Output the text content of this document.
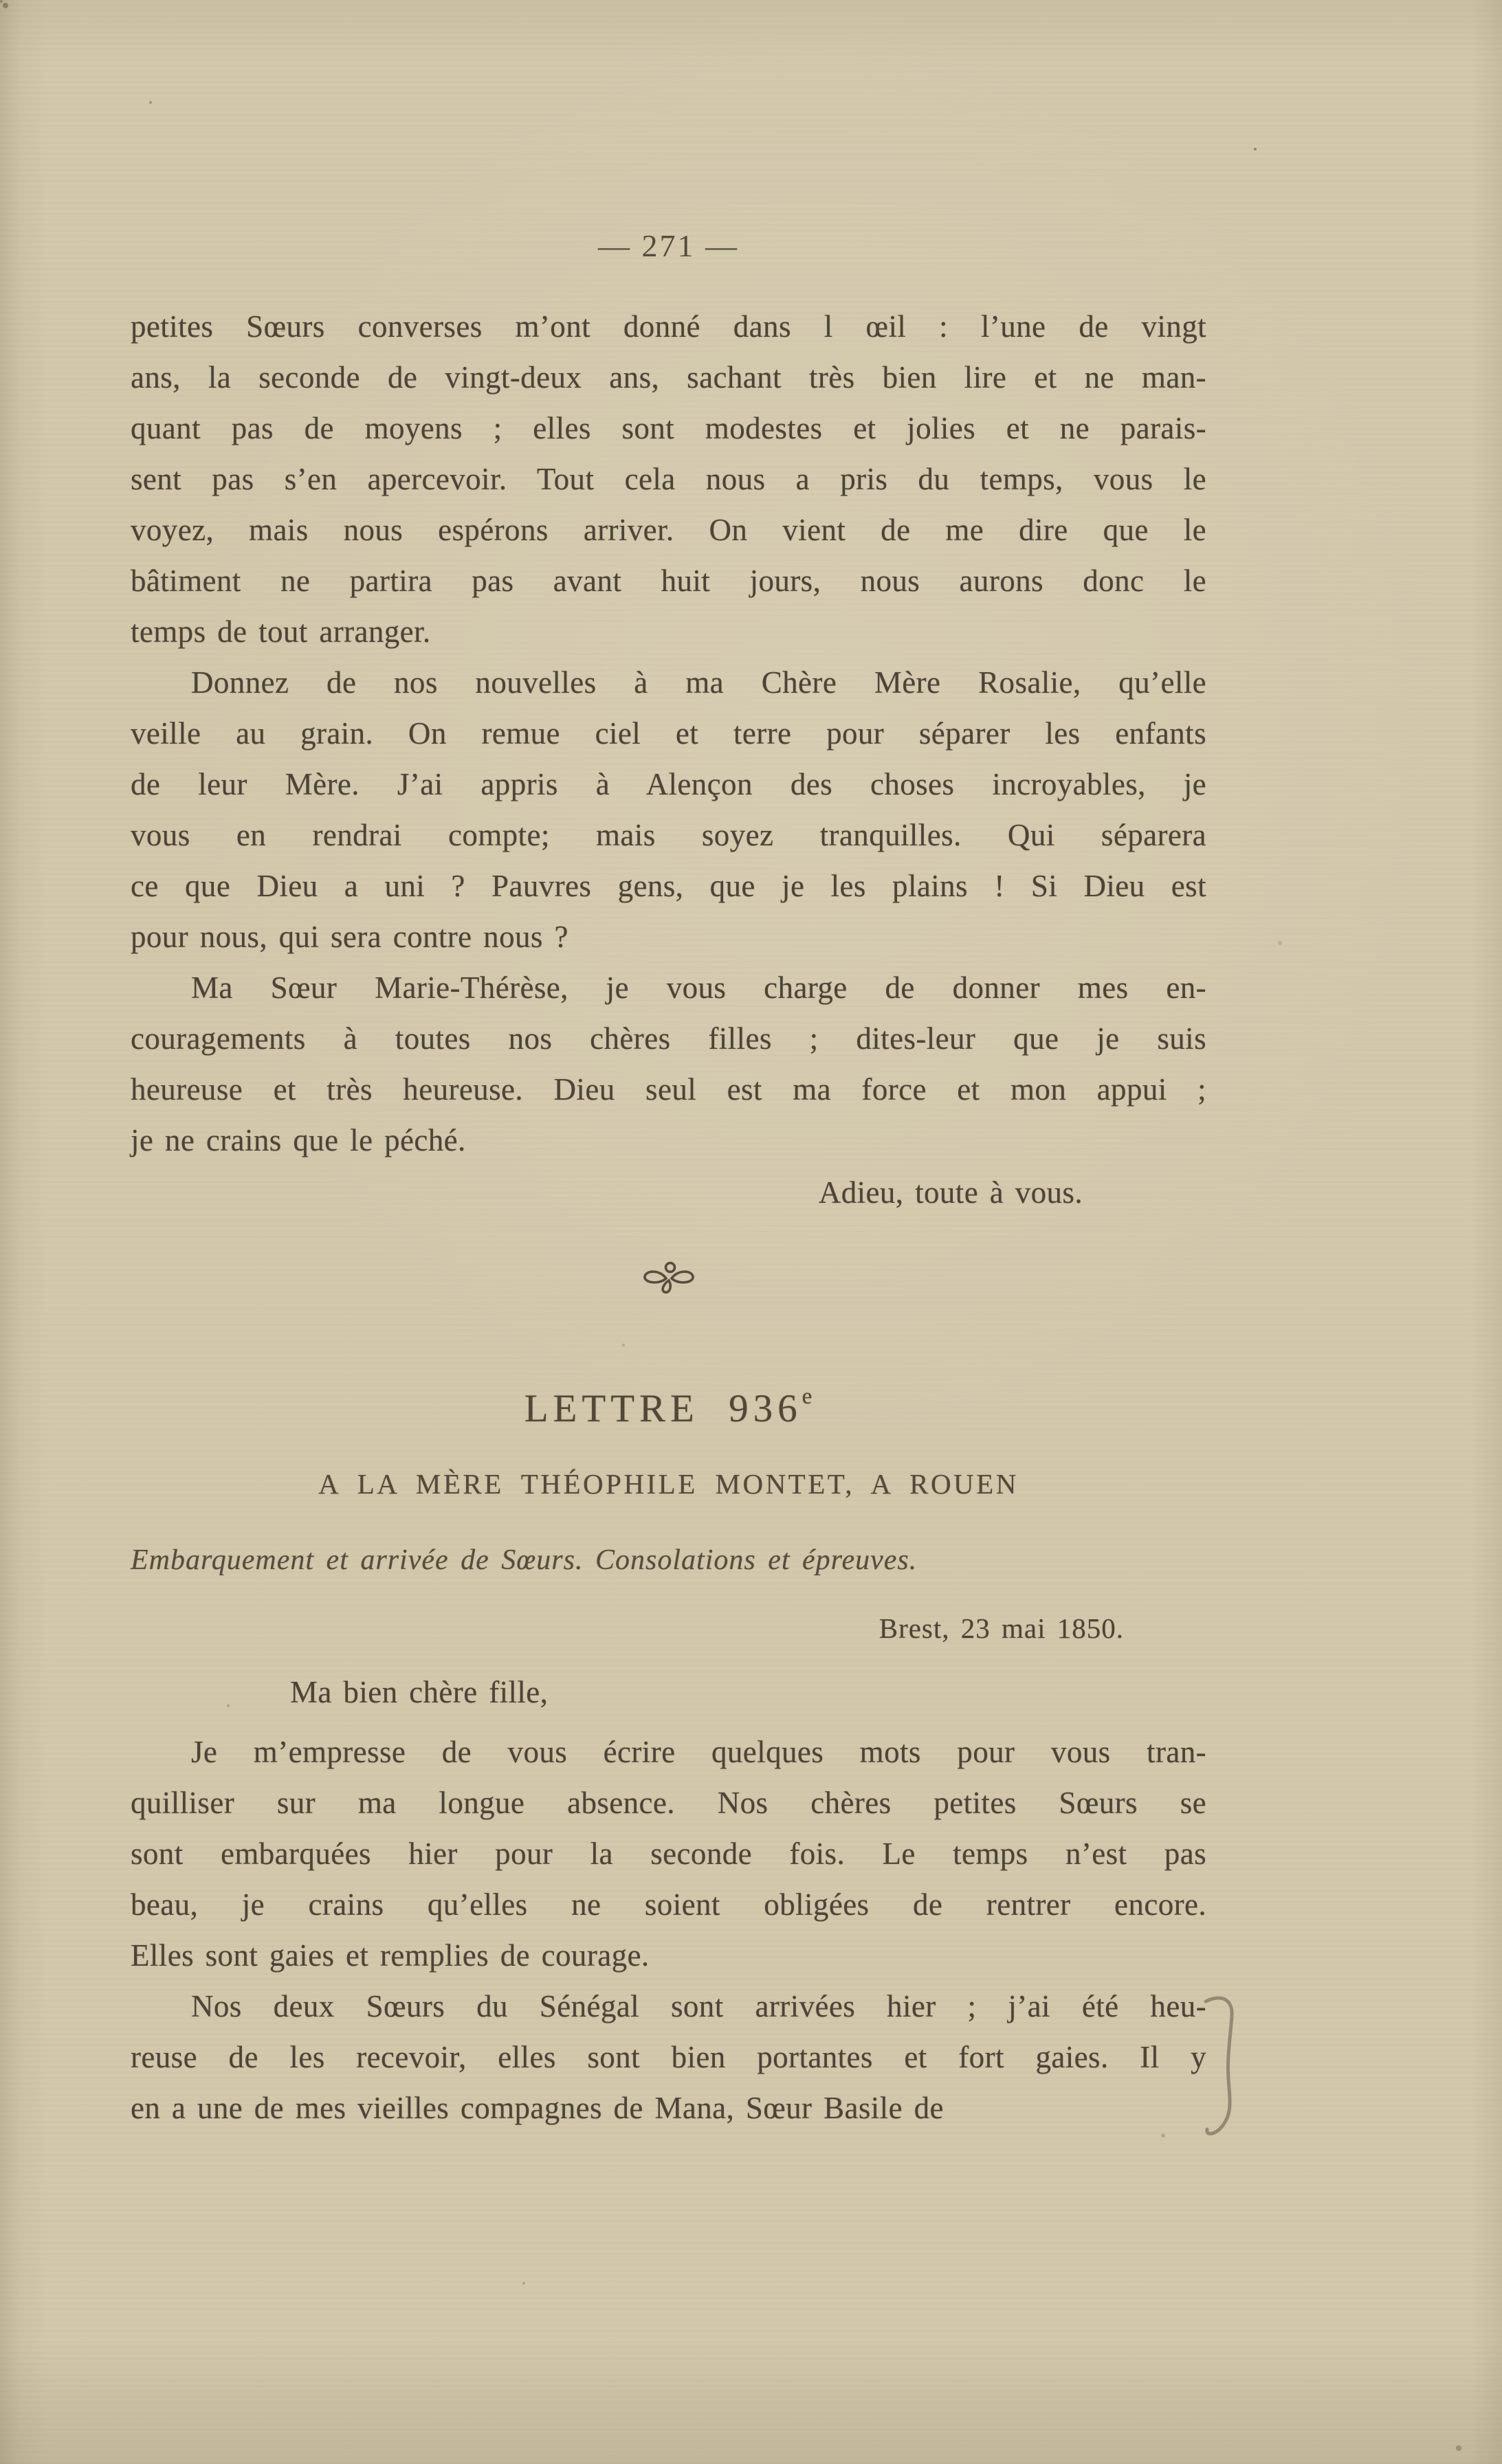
— 271 —
petites Sœurs converses m’ont donné dans l œil : l’une de vingt
ans, la seconde de vingt-deux ans, sachant très bien lire et ne man-
quant pas de moyens ; elles sont modestes et jolies et ne parais-
sent pas s’en apercevoir. Tout cela nous a pris du temps, vous le
voyez, mais nous espérons arriver. On vient de me dire que le
bâtiment ne partira pas avant huit jours, nous aurons donc le
temps de tout arranger.
Donnez de nos nouvelles à ma Chère Mère Rosalie, qu’elle
veille au grain. On remue ciel et terre pour séparer les enfants
de leur Mère. J’ai appris à Alençon des choses incroyables, je
vous en rendrai compte; mais soyez tranquilles. Qui séparera
ce que Dieu a uni ? Pauvres gens, que je les plains ! Si Dieu est
pour nous, qui sera contre nous ?
Ma Sœur Marie-Thérèse, je vous charge de donner mes en-
couragements à toutes nos chères filles ; dites-leur que je suis
heureuse et très heureuse. Dieu seul est ma force et mon appui ;
je ne crains que le péché.
Adieu, toute à vous.
LETTRE 936e
A LA MÈRE THÉOPHILE MONTET, A ROUEN
Embarquement et arrivée de Sœurs. Consolations et épreuves.
Brest, 23 mai 1850.
Ma bien chère fille,
Je m’empresse de vous écrire quelques mots pour vous tran-
quilliser sur ma longue absence. Nos chères petites Sœurs se
sont embarquées hier pour la seconde fois. Le temps n’est pas
beau, je crains qu’elles ne soient obligées de rentrer encore.
Elles sont gaies et remplies de courage.
Nos deux Sœurs du Sénégal sont arrivées hier ; j’ai été heu-
reuse de les recevoir, elles sont bien portantes et fort gaies. Il y
en a une de mes vieilles compagnes de Mana, Sœur Basile de
